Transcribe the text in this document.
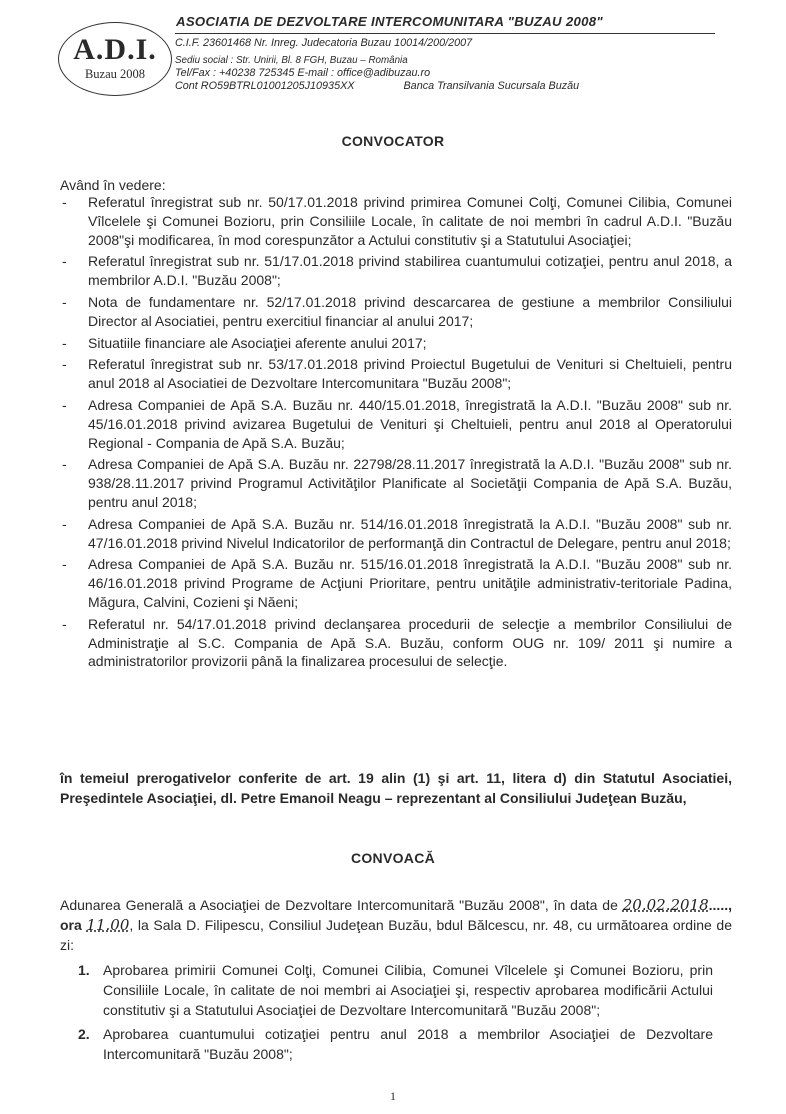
A.D.I.
Buzau 2008
ASOCIATIA DE DEZVOLTARE INTERCOMUNITARA "BUZAU 2008"
C.I.F. 23601468 Nr. Inreg. Judecatoria Buzau 10014/200/2007
Sediu social : Str. Unirii, Bl. 8 FGH, Buzau – România
Tel/Fax : +40238 725345 E-mail : office@adibuzau.ro
Cont RO59BTRL01001205J10935XX	Banca Transilvania Sucursala Buzău
CONVOCATOR
Având în vedere:
- Referatul înregistrat sub nr. 50/17.01.2018 privind primirea Comunei Colţi, Comunei Cilibia, Comunei Vîlcelele şi Comunei Bozioru, prin Consiliile Locale, în calitate de noi membri în cadrul A.D.I. "Buzău 2008"şi modificarea, în mod corespunzător a Actului constitutiv şi a Statutului Asociaţiei;
- Referatul înregistrat sub nr. 51/17.01.2018 privind stabilirea cuantumului cotizaţiei, pentru anul 2018, a membrilor A.D.I. "Buzău 2008";
- Nota de fundamentare nr. 52/17.01.2018 privind descarcarea de gestiune a membrilor Consiliului Director al Asociatiei, pentru exercitiul financiar al anului 2017;
- Situatiile financiare ale Asociaţiei aferente anului 2017;
- Referatul înregistrat sub nr. 53/17.01.2018 privind Proiectul Bugetului de Venituri si Cheltuieli, pentru anul 2018 al Asociatiei de Dezvoltare Intercomunitara "Buzău 2008";
- Adresa Companiei de Apă S.A. Buzău nr. 440/15.01.2018, înregistrată la A.D.I. "Buzău 2008" sub nr. 45/16.01.2018 privind avizarea Bugetului de Venituri şi Cheltuieli, pentru anul 2018 al Operatorului Regional - Compania de Apă S.A. Buzău;
- Adresa Companiei de Apă S.A. Buzău nr. 22798/28.11.2017 înregistrată la A.D.I. "Buzău 2008" sub nr. 938/28.11.2017 privind Programul Activităţilor Planificate al Societăţii Compania de Apă S.A. Buzău, pentru anul 2018;
- Adresa Companiei de Apă S.A. Buzău nr. 514/16.01.2018 înregistrată la A.D.I. "Buzău 2008" sub nr. 47/16.01.2018 privind Nivelul Indicatorilor de performanţă din Contractul de Delegare, pentru anul 2018;
- Adresa Companiei de Apă S.A. Buzău nr. 515/16.01.2018 înregistrată la A.D.I. "Buzău 2008" sub nr. 46/16.01.2018 privind Programe de Acţiuni Prioritare, pentru unităţile administrativ-teritoriale Padina, Măgura, Calvini, Cozieni şi Năeni;
- Referatul nr. 54/17.01.2018 privind declanşarea procedurii de selecţie a membrilor Consiliului de Administraţie al S.C. Compania de Apă S.A. Buzău, conform OUG nr. 109/ 2011 şi numire a administratorilor provizorii până la finalizarea procesului de selecţie.
în temeiul prerogativelor conferite de art. 19 alin (1) şi art. 11, litera d) din Statutul Asociatiei, Preşedintele Asociaţiei, dl. Petre Emanoil Neagu – reprezentant al Consiliului Judeţean Buzău,
CONVOACĂ
Adunarea Generală a Asociaţiei de Dezvoltare Intercomunitară "Buzău 2008", în data de 20.02.2018....., ora 11.00, la Sala D. Filipescu, Consiliul Judeţean Buzău, bdul Bălcescu, nr. 48, cu următoarea ordine de zi:
1. Aprobarea primirii Comunei Colţi, Comunei Cilibia, Comunei Vîlcelele şi Comunei Bozioru, prin Consiliile Locale, în calitate de noi membri ai Asociaţiei şi, respectiv aprobarea modificării Actului constitutiv şi a Statutului Asociaţiei de Dezvoltare Intercomunitară "Buzău 2008";
2. Aprobarea cuantumului cotizaţiei pentru anul 2018 a membrilor Asociaţiei de Dezvoltare Intercomunitară "Buzău 2008";
1
